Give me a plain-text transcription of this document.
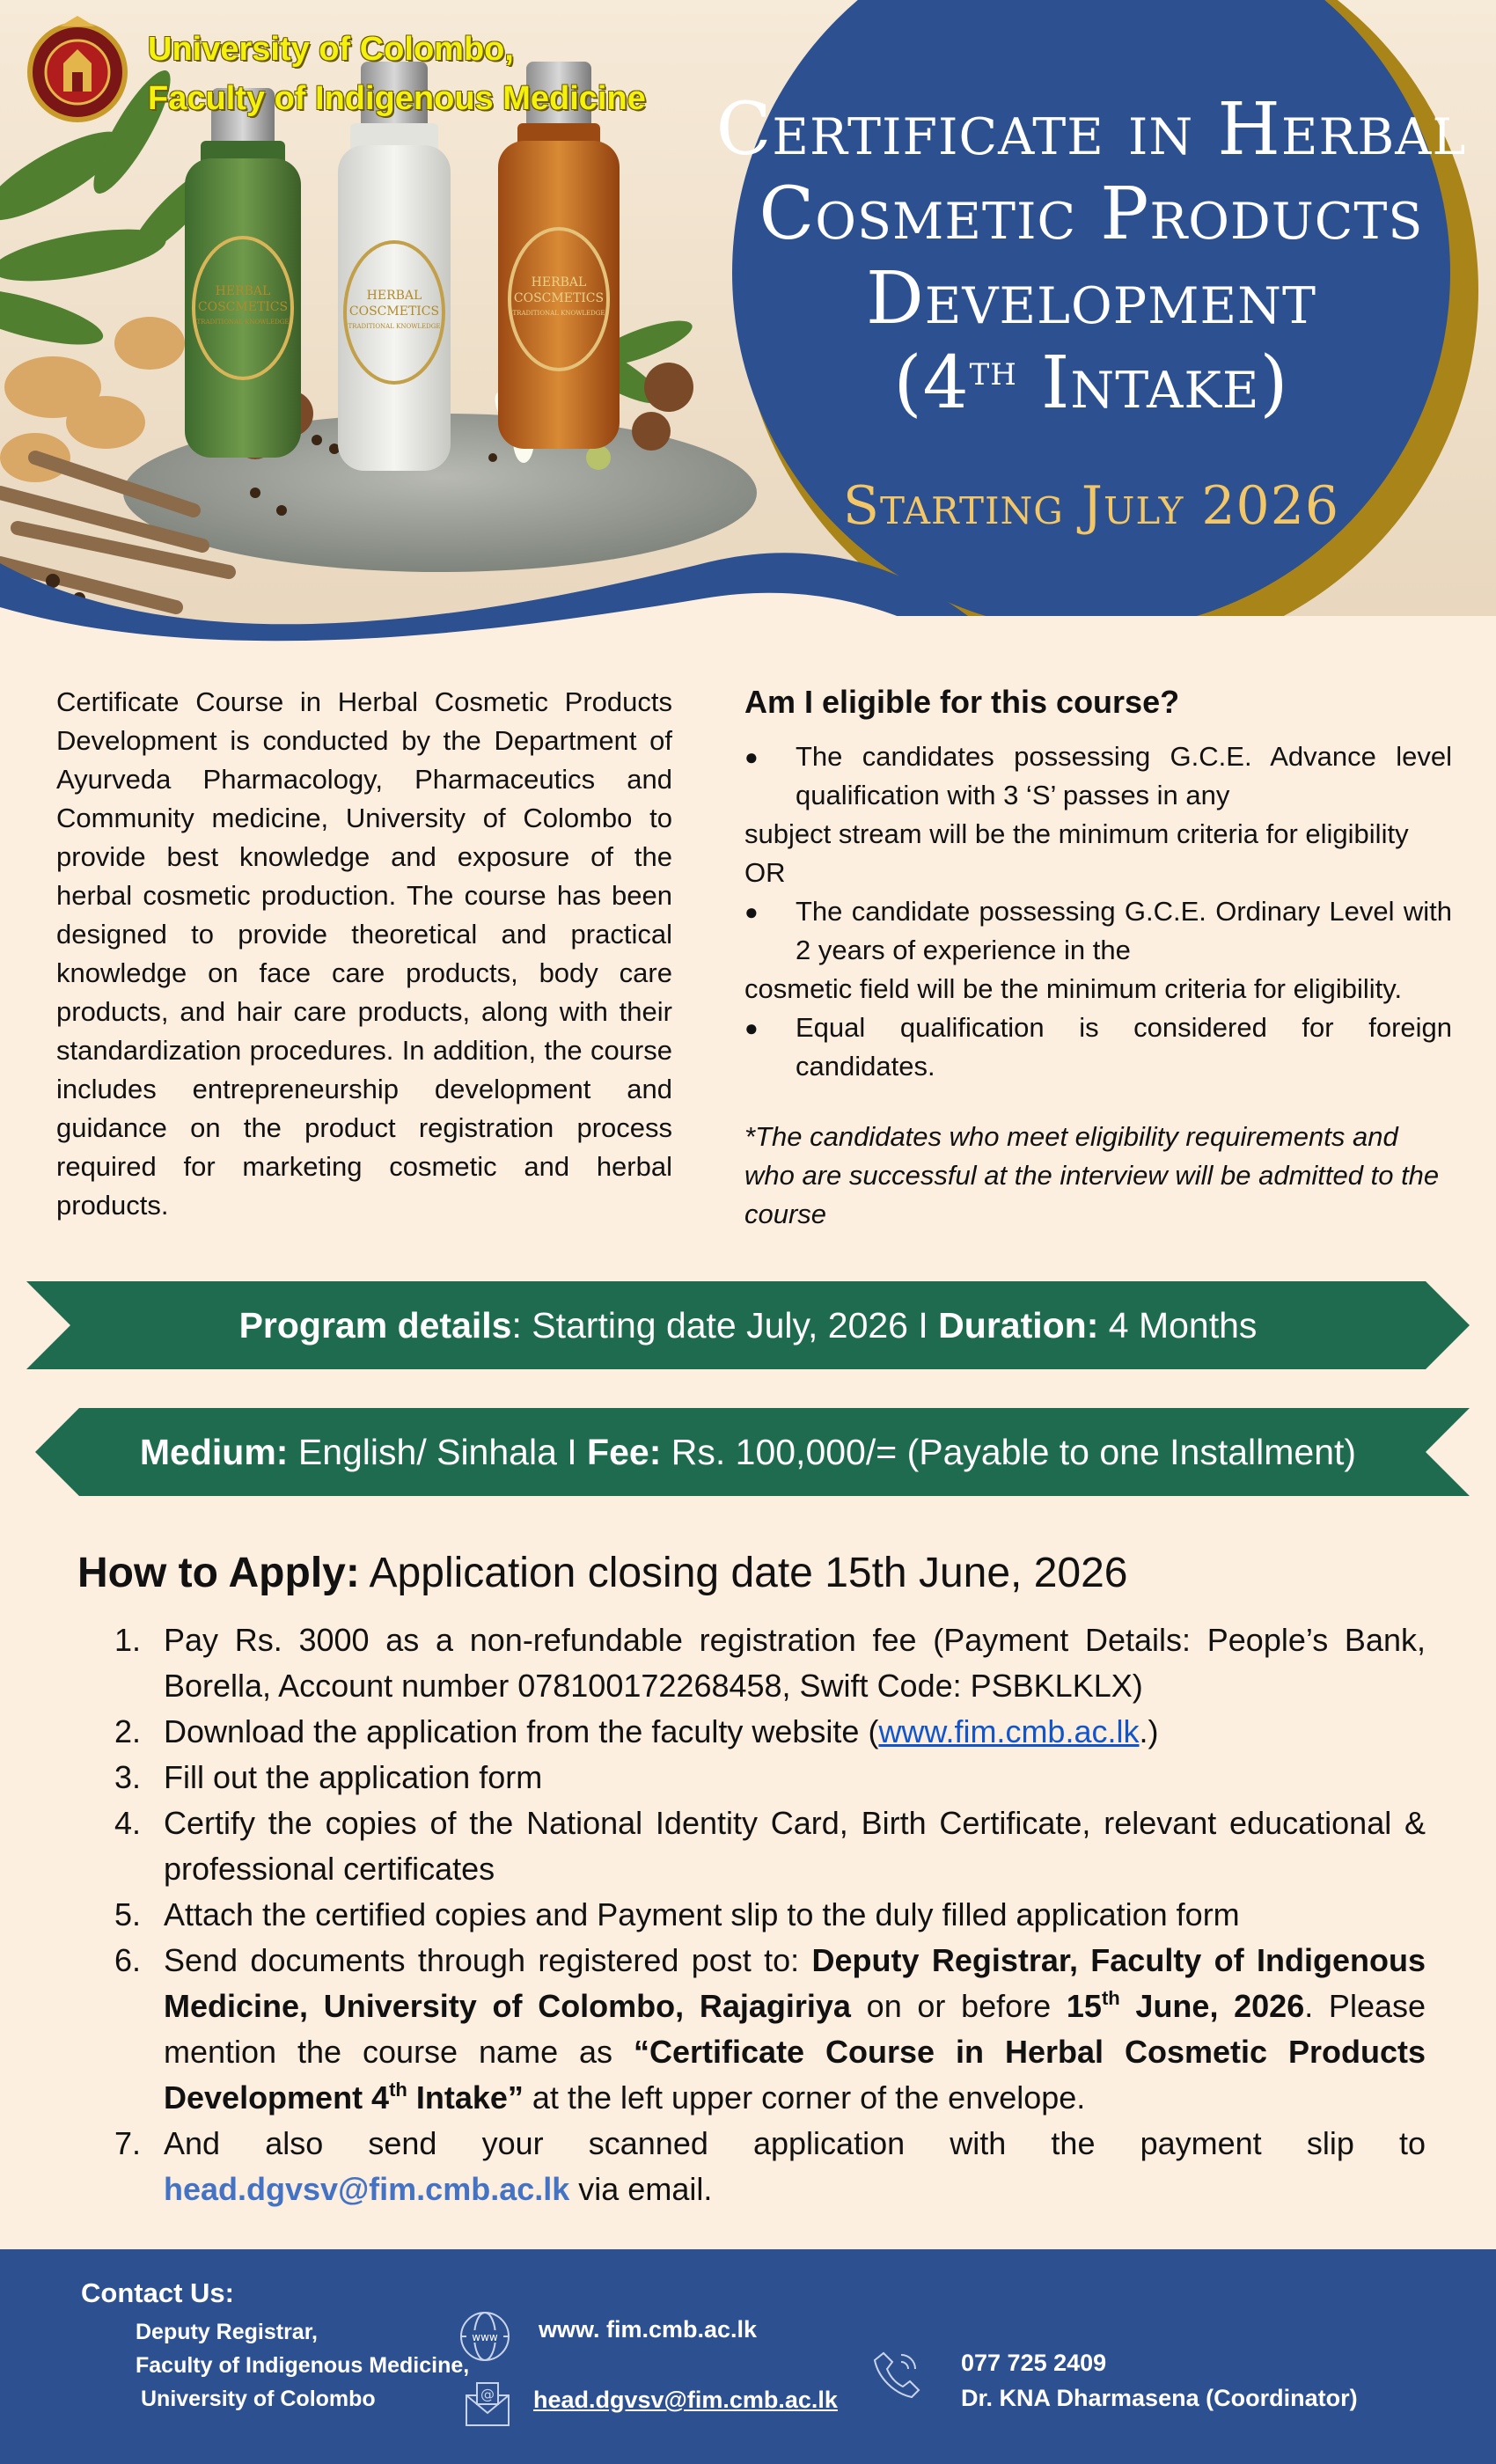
HERBAL
COSCMETICS
TRADITIONAL KNOWLEDGE
HERBAL
COSCMETICS
TRADITIONAL KNOWLEDGE
HERBAL
COSCMETICS
TRADITIONAL KNOWLEDGE
University of Colombo,
Faculty of Indigenous Medicine Certificate in Herbal
Cosmetic Products
Development
(4th Intake)
Starting July 2026
Certificate Course in Herbal Cosmetic Products Development is conducted by the Department of Ayurveda Pharmacology, Pharmaceutics and Community medicine, University of Colombo to provide best knowledge and exposure of the herbal cosmetic production. The course has been designed to provide theoretical and practical knowledge on face care products, body care products, and hair care products, along with their standardization procedures. In addition, the course includes entrepreneurship development and guidance on the product registration process required for marketing cosmetic and herbal products.
Am I eligible for this course?
● The candidates possessing G.C.E. Advance level qualification with 3 ‘S’ passes in any
subject stream will be the minimum criteria for eligibility
OR
● The candidate possessing G.C.E. Ordinary Level with 2 years of experience in the
cosmetic field will be the minimum criteria for eligibility.
● Equal qualification is considered for foreign candidates.
*The candidates who meet eligibility requirements and who are successful at the interview will be admitted to the course
Program details: Starting date July, 2026 I Duration: 4 Months
Medium: English/ Sinhala I Fee: Rs. 100,000/= (Payable to one Installment)
How to Apply: Application closing date 15th June, 2026
1. Pay Rs. 3000 as a non-refundable registration fee (Payment Details: People’s Bank, Borella, Account number 078100172268458, Swift Code: PSBKLKLX)
2. Download the application from the faculty website (www.fim.cmb.ac.lk.)
3. Fill out the application form
4. Certify the copies of the National Identity Card, Birth Certificate, relevant educational & professional certificates
5. Attach the certified copies and Payment slip to the duly filled application form
6. Send documents through registered post to: Deputy Registrar, Faculty of Indigenous Medicine, University of Colombo, Rajagiriya on or before 15th June, 2026. Please mention the course name as “Certificate Course in Herbal Cosmetic Products Development 4th Intake” at the left upper corner of the envelope.
7. And also send your scanned application with the payment slip to head.dgvsv@fim.cmb.ac.lk via email.
Contact Us:
Deputy Registrar,
Faculty of Indigenous Medicine,
University of Colombo
www www. fim.cmb.ac.lk
@ head.dgvsv@fim.cmb.ac.lk
077 725 2409
Dr. KNA Dharmasena (Coordinator)
